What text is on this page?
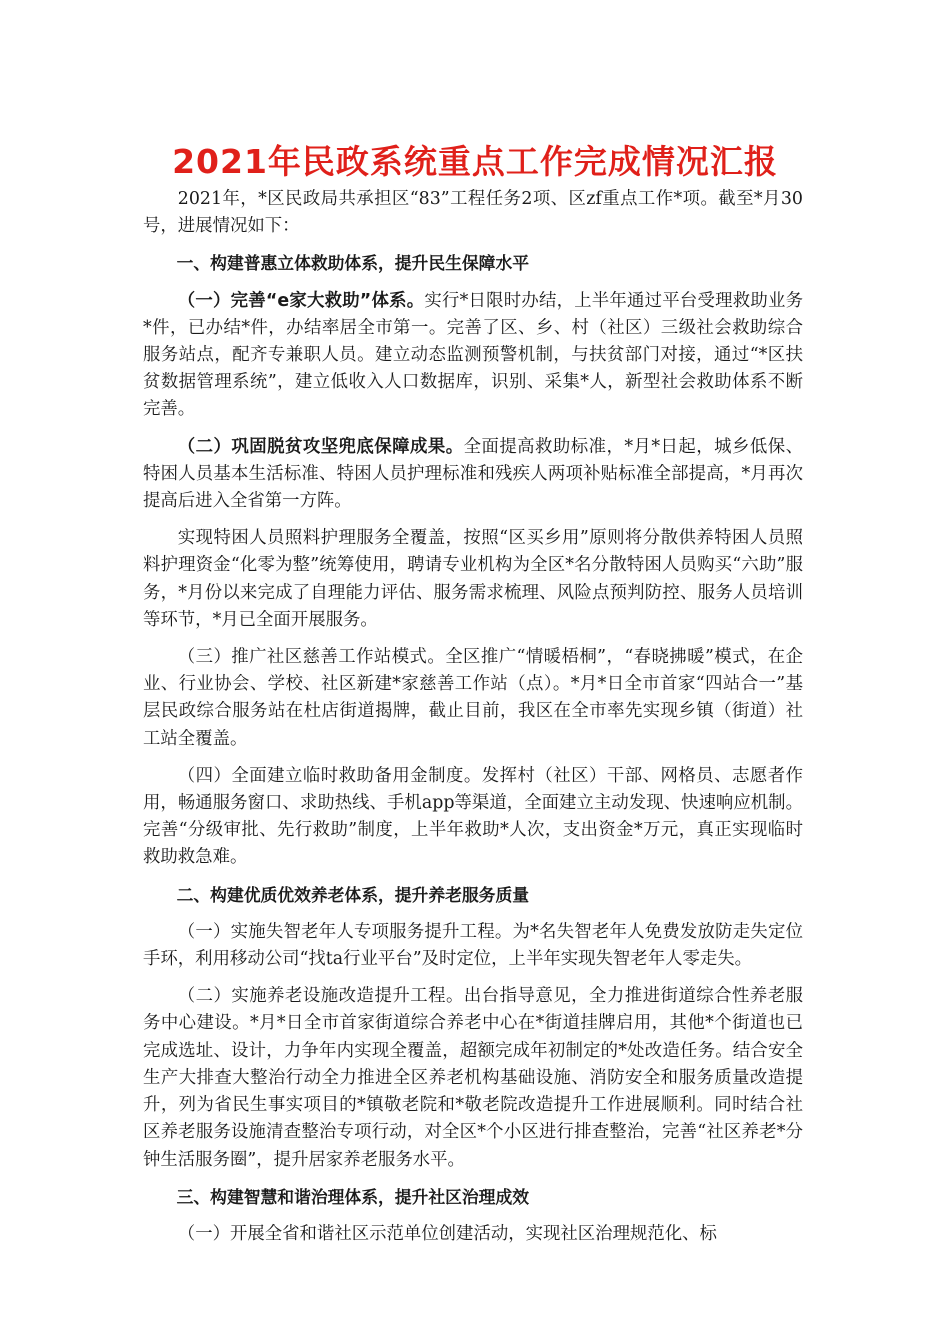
2021年民政系统重点工作完成情况汇报

2021年，*区民政局共承担区“83”工程任务2项、区zf重点工作*项。截至*月30号，进展情况如下：

一、构建普惠立体救助体系，提升民生保障水平

（一）完善“e家大救助”体系。实行*日限时办结，上半年通过平台受理救助业务*件，已办结*件，办结率居全市第一。完善了区、乡、村（社区）三级社会救助综合服务站点，配齐专兼职人员。建立动态监测预警机制，与扶贫部门对接，通过“*区扶贫数据管理系统”，建立低收入人口数据库，识别、采集*人，新型社会救助体系不断完善。

（二）巩固脱贫攻坚兜底保障成果。全面提高救助标准，*月*日起，城乡低保、特困人员基本生活标准、特困人员护理标准和残疾人两项补贴标准全部提高，*月再次提高后进入全省第一方阵。

实现特困人员照料护理服务全覆盖，按照“区买乡用”原则将分散供养特困人员照料护理资金“化零为整”统筹使用，聘请专业机构为全区*名分散特困人员购买“六助”服务，*月份以来完成了自理能力评估、服务需求梳理、风险点预判防控、服务人员培训等环节，*月已全面开展服务。

（三）推广社区慈善工作站模式。全区推广“情暖梧桐”，“春晓拂暖”模式，在企业、行业协会、学校、社区新建*家慈善工作站（点）。*月*日全市首家“四站合一”基层民政综合服务站在杜店街道揭牌，截止目前，我区在全市率先实现乡镇（街道）社工站全覆盖。

（四）全面建立临时救助备用金制度。发挥村（社区）干部、网格员、志愿者作用，畅通服务窗口、求助热线、手机app等渠道，全面建立主动发现、快速响应机制。完善“分级审批、先行救助”制度，上半年救助*人次，支出资金*万元，真正实现临时救助救急难。

二、构建优质优效养老体系，提升养老服务质量

（一）实施失智老年人专项服务提升工程。为*名失智老年人免费发放防走失定位手环，利用移动公司“找ta行业平台”及时定位，上半年实现失智老年人零走失。

（二）实施养老设施改造提升工程。出台指导意见，全力推进街道综合性养老服务中心建设。*月*日全市首家街道综合养老中心在*街道挂牌启用，其他*个街道也已完成选址、设计，力争年内实现全覆盖，超额完成年初制定的*处改造任务。结合安全生产大排查大整治行动全力推进全区养老机构基础设施、消防安全和服务质量改造提升，列为省民生事实项目的*镇敬老院和*敬老院改造提升工作进展顺利。同时结合社区养老服务设施清查整治专项行动，对全区*个小区进行排查整治，完善“社区养老*分钟生活服务圈”，提升居家养老服务水平。

三、构建智慧和谐治理体系，提升社区治理成效

（一）开展全省和谐社区示范单位创建活动，实现社区治理规范化、标
